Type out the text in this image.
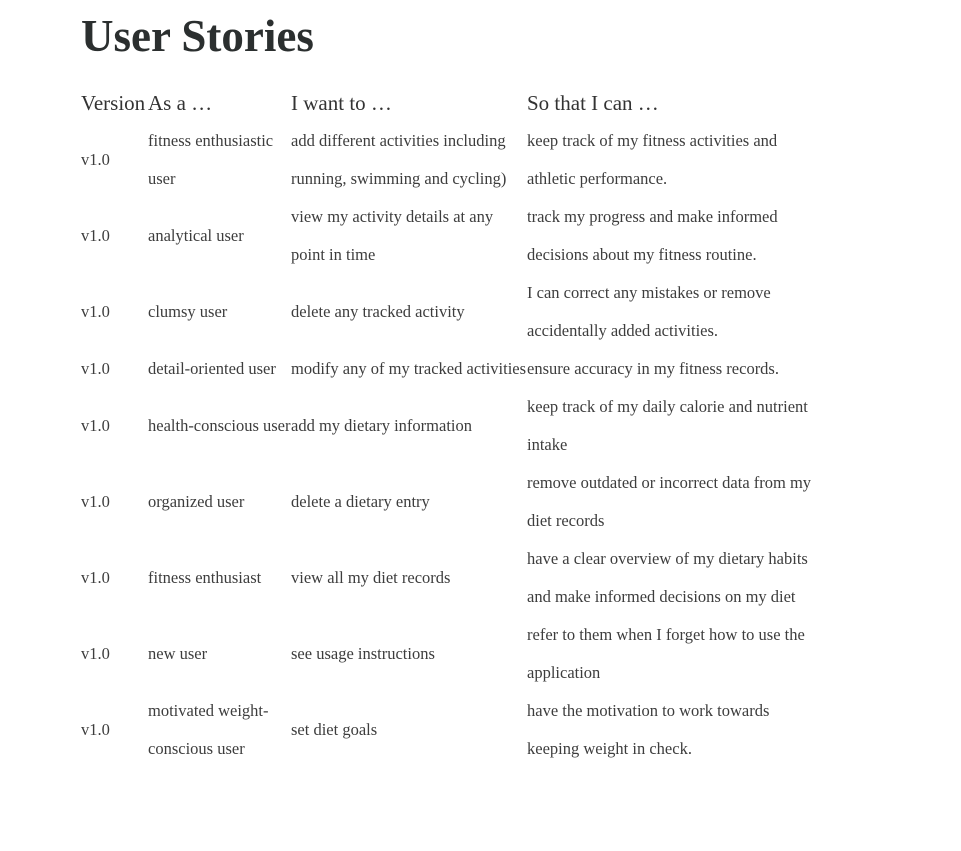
User Stories
Version	As a …	I want to …	So that I can …
v1.0	fitness enthusiastic user	add different activities including running, swimming and cycling)	keep track of my fitness activities and athletic performance.
v1.0	analytical user	view my activity details at any point in time	track my progress and make informed decisions about my fitness routine.
v1.0	clumsy user	delete any tracked activity	I can correct any mistakes or remove accidentally added activities.
v1.0	detail-oriented user	modify any of my tracked activities	ensure accuracy in my fitness records.
v1.0	health-conscious user	add my dietary information	keep track of my daily calorie and nutrient intake
v1.0	organized user	delete a dietary entry	remove outdated or incorrect data from my diet records
v1.0	fitness enthusiast	view all my diet records	have a clear overview of my dietary habits and make informed decisions on my diet
v1.0	new user	see usage instructions	refer to them when I forget how to use the application
v1.0	motivated weight-conscious user	set diet goals	have the motivation to work towards keeping weight in check.
